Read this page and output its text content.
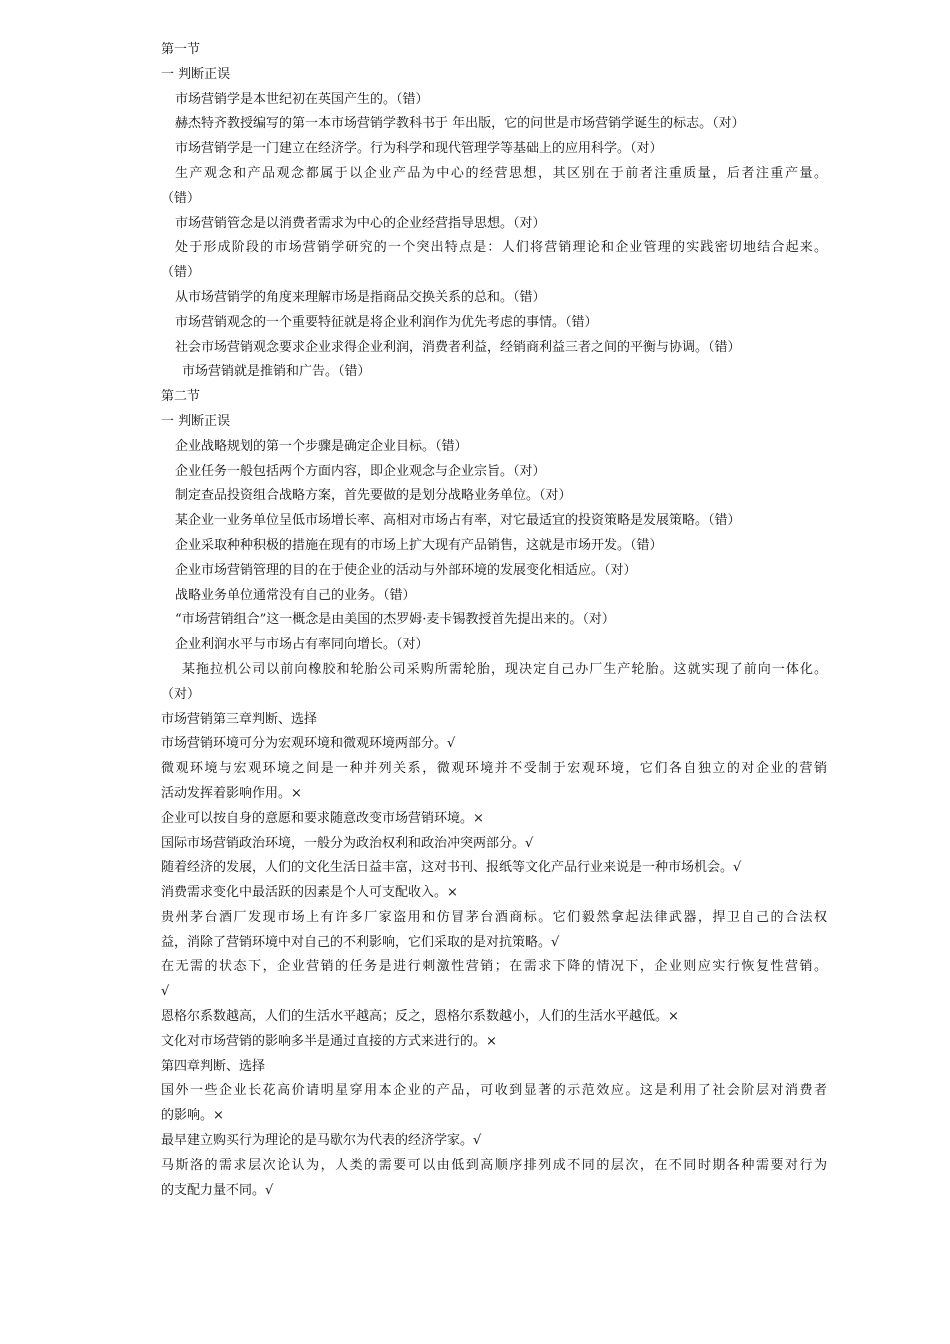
第一节
一 判断正误
市场营销学是本世纪初在英国产生的。（错）
赫杰特齐教授编写的第一本市场营销学教科书于 年出版，它的问世是市场营销学诞生的标志。（对）
市场营销学是一门建立在经济学。行为科学和现代管理学等基础上的应用科学。（对）
生产观念和产品观念都属于以企业产品为中心的经营思想，其区别在于前者注重质量，后者注重产量。
（错）
市场营销管念是以消费者需求为中心的企业经营指导思想。（对）
处于形成阶段的市场营销学研究的一个突出特点是：人们将营销理论和企业管理的实践密切地结合起来。
（错）
从市场营销学的角度来理解市场是指商品交换关系的总和。（错）
市场营销观念的一个重要特征就是将企业利润作为优先考虑的事情。（错）
社会市场营销观念要求企业求得企业利润，消费者利益，经销商利益三者之间的平衡与协调。（错）
市场营销就是推销和广告。（错）
第二节
一 判断正误
企业战略规划的第一个步骤是确定企业目标。（错）
企业任务一般包括两个方面内容，即企业观念与企业宗旨。（对）
制定查品投资组合战略方案，首先要做的是划分战略业务单位。（对）
某企业一业务单位呈低市场增长率、高相对市场占有率，对它最适宜的投资策略是发展策略。（错）
企业采取种种积极的措施在现有的市场上扩大现有产品销售，这就是市场开发。（错）
企业市场营销管理的目的在于使企业的活动与外部环境的发展变化相适应。（对）
战略业务单位通常没有自己的业务。（错）
“市场营销组合”这一概念是由美国的杰罗姆·麦卡锡教授首先提出来的。（对）
企业利润水平与市场占有率同向增长。（对）
某拖拉机公司以前向橡胶和轮胎公司采购所需轮胎，现决定自己办厂生产轮胎。这就实现了前向一体化。
（对）
市场营销第三章判断、选择
市场营销环境可分为宏观环境和微观环境两部分。√
微观环境与宏观环境之间是一种并列关系，微观环境并不受制于宏观环境，它们各自独立的对企业的营销
活动发挥着影响作用。×
企业可以按自身的意愿和要求随意改变市场营销环境。×
国际市场营销政治环境，一般分为政治权利和政治冲突两部分。√
随着经济的发展，人们的文化生活日益丰富，这对书刊、报纸等文化产品行业来说是一种市场机会。√
消费需求变化中最活跃的因素是个人可支配收入。×
贵州茅台酒厂发现市场上有许多厂家盗用和仿冒茅台酒商标。它们毅然拿起法律武器，捍卫自己的合法权
益，消除了营销环境中对自己的不利影响，它们采取的是对抗策略。√
在无需的状态下，企业营销的任务是进行刺激性营销；在需求下降的情况下，企业则应实行恢复性营销。
√
恩格尔系数越高，人们的生活水平越高；反之，恩格尔系数越小，人们的生活水平越低。×
文化对市场营销的影响多半是通过直接的方式来进行的。×
第四章判断、选择
国外一些企业长花高价请明星穿用本企业的产品，可收到显著的示范效应。这是利用了社会阶层对消费者
的影响。×
最早建立购买行为理论的是马歇尔为代表的经济学家。√
马斯洛的需求层次论认为，人类的需要可以由低到高顺序排列成不同的层次，在不同时期各种需要对行为
的支配力量不同。√
